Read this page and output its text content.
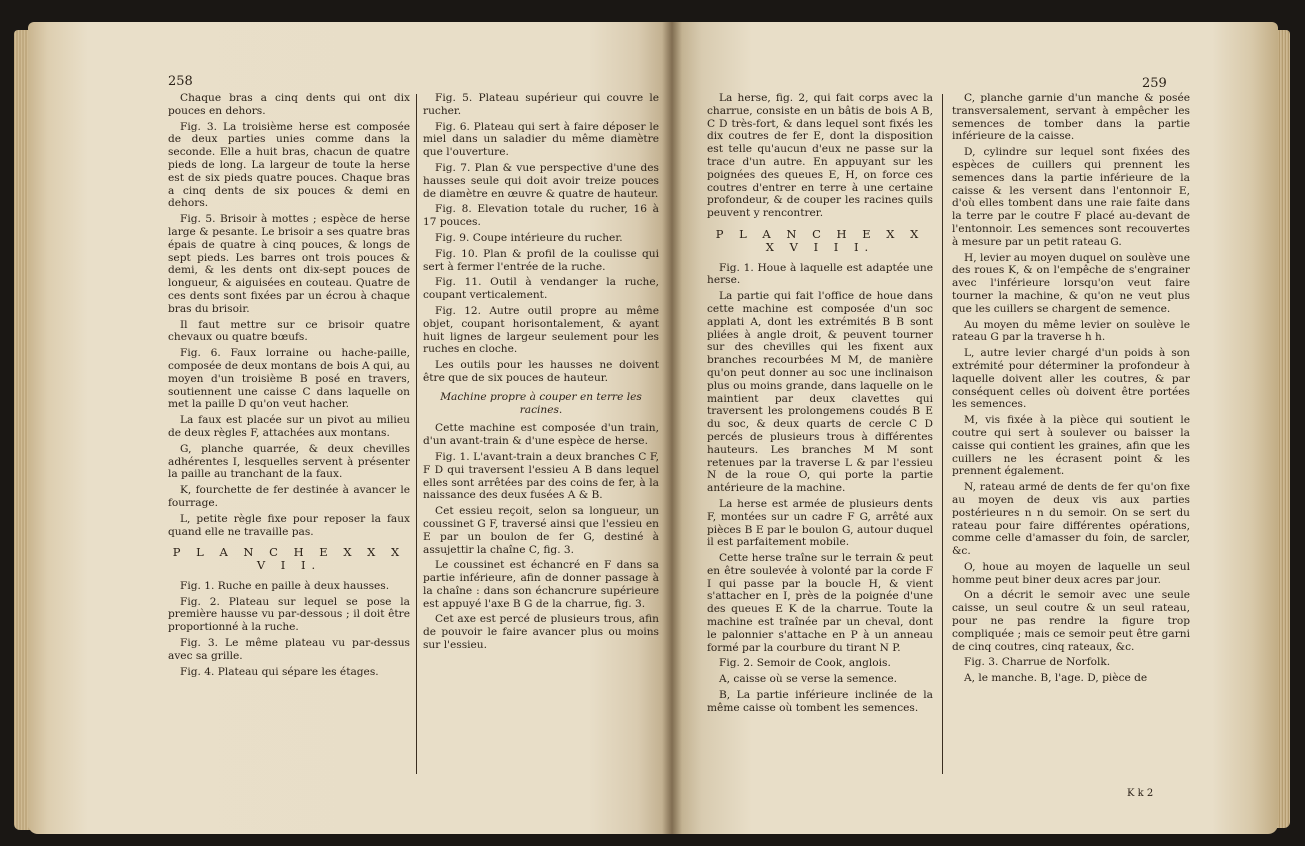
258

Chaque bras a cinq dents qui ont dix pouces en dehors.

Fig. 3. La troisième herse est composée de deux parties unies comme dans la seconde. Elle a huit bras, chacun de quatre pieds de long. La largeur de toute la herse est de six pieds quatre pouces. Chaque bras a cinq dents de six pouces & demi en dehors.

Fig. 5. Brisoir à mottes ; espèce de herse large & pesante. Le brisoir a ses quatre bras épais de quatre à cinq pouces, & longs de sept pieds. Les barres ont trois pouces & demi, & les dents ont dix-sept pouces de longueur, & aiguisées en couteau. Quatre de ces dents sont fixées par un écrou à chaque bras du brisoir.

Il faut mettre sur ce brisoir quatre chevaux ou quatre bœufs.

Fig. 6. Faux lorraine ou hache-paille, composée de deux montans de bois A qui, au moyen d'un troisième B posé en travers, soutiennent une caisse C dans laquelle on met la paille D qu'on veut hacher.

La faux est placée sur un pivot au milieu de deux règles F, attachées aux montans.

G, planche quarrée, & deux chevilles adhérentes I, lesquelles servent à présenter la paille au tranchant de la faux.

K, fourchette de fer destinée à avancer le fourrage.

L, petite règle fixe pour reposer la faux quand elle ne travaille pas.

P L A N C H E X X X V I I.

Fig. 1. Ruche en paille à deux hausses.

Fig. 2. Plateau sur lequel se pose la première hausse vu par-dessous ; il doit être proportionné à la ruche.

Fig. 3. Le même plateau vu par-dessus avec sa grille.

Fig. 4. Plateau qui sépare les étages.

Fig. 5. Plateau supérieur qui couvre le rucher.

Fig. 6. Plateau qui sert à faire déposer le miel dans un saladier du même diamètre que l'ouverture.

Fig. 7. Plan & vue perspective d'une des hausses seule qui doit avoir treize pouces de diamètre en œuvre & quatre de hauteur.

Fig. 8. Elevation totale du rucher, 16 à 17 pouces.

Fig. 9. Coupe intérieure du rucher.

Fig. 10. Plan & profil de la coulisse qui sert à fermer l'entrée de la ruche.

Fig. 11. Outil à vendanger la ruche, coupant verticalement.

Fig. 12. Autre outil propre au même objet, coupant horisontalement, & ayant huit lignes de largeur seulement pour les ruches en cloche.

Les outils pour les hausses ne doivent être que de six pouces de hauteur.

Machine propre à couper en terre les racines.

Cette machine est composée d'un train, d'un avant-train & d'une espèce de herse.

Fig. 1. L'avant-train a deux branches C F, F D qui traversent l'essieu A B dans lequel elles sont arrêtées par des coins de fer, à la naissance des deux fusées A & B.

Cet essieu reçoit, selon sa longueur, un coussinet G F, traversé ainsi que l'essieu en E par un boulon de fer G, destiné à assujettir la chaîne C, fig. 3.

Le coussinet est échancré en F dans sa partie inférieure, afin de donner passage à la chaîne : dans son échancrure supérieure est appuyé l'axe B G de la charrue, fig. 3.

Cet axe est percé de plusieurs trous, afin de pouvoir le faire avancer plus ou moins sur l'essieu.

259

La herse, fig. 2, qui fait corps avec la charrue, consiste en un bâtis de bois A B, C D très-fort, & dans lequel sont fixés les dix coutres de fer E, dont la disposition est telle qu'aucun d'eux ne passe sur la trace d'un autre. En appuyant sur les poignées des queues E, H, on force ces coutres d'entrer en terre à une certaine profondeur, & de couper les racines quils peuvent y rencontrer.

P L A N C H E X X X V I I I.

Fig. 1. Houe à laquelle est adaptée une herse.

La partie qui fait l'office de houe dans cette machine est composée d'un soc applati A, dont les extrémités B B sont pliées à angle droit, & peuvent tourner sur des chevilles qui les fixent aux branches recourbées M M, de manière qu'on peut donner au soc une inclinaison plus ou moins grande, dans laquelle on le maintient par deux clavettes qui traversent les prolongemens coudés B E du soc, & deux quarts de cercle C D percés de plusieurs trous à différentes hauteurs. Les branches M M sont retenues par la traverse L & par l'essieu N de la roue O, qui porte la partie antérieure de la machine.

La herse est armée de plusieurs dents F, montées sur un cadre F G, arrêté aux pièces B E par le boulon G, autour duquel il est parfaitement mobile.

Cette herse traîne sur le terrain & peut en être soulevée à volonté par la corde F I qui passe par la boucle H, & vient s'attacher en I, près de la poignée d'une des queues E K de la charrue. Toute la machine est traînée par un cheval, dont le palonnier s'attache en P à un anneau formé par la courbure du tirant N P.

Fig. 2. Semoir de Cook, anglois.

A, caisse où se verse la semence.

B, La partie inférieure inclinée de la même caisse où tombent les semences.

C, planche garnie d'un manche & posée transversalement, servant à empêcher les semences de tomber dans la partie inférieure de la caisse.

D, cylindre sur lequel sont fixées des espèces de cuillers qui prennent les semences dans la partie inférieure de la caisse & les versent dans l'entonnoir E, d'où elles tombent dans une raie faite dans la terre par le coutre F placé au-devant de l'entonnoir. Les semences sont recouvertes à mesure par un petit rateau G.

H, levier au moyen duquel on soulève une des roues K, & on l'empêche de s'engrainer avec l'inférieure lorsqu'on veut faire tourner la machine, & qu'on ne veut plus que les cuillers se chargent de semence.

Au moyen du même levier on soulève le rateau G par la traverse h h.

L, autre levier chargé d'un poids à son extrémité pour déterminer la profondeur à laquelle doivent aller les coutres, & par conséquent celles où doivent être portées les semences.

M, vis fixée à la pièce qui soutient le coutre qui sert à soulever ou baisser la caisse qui contient les graines, afin que les cuillers ne les écrasent point & les prennent également.

N, rateau armé de dents de fer qu'on fixe au moyen de deux vis aux parties postérieures n n du semoir. On se sert du rateau pour faire différentes opérations, comme celle d'amasser du foin, de sarcler, &c.

O, houe au moyen de laquelle un seul homme peut biner deux acres par jour.

On a décrit le semoir avec une seule caisse, un seul coutre & un seul rateau, pour ne pas rendre la figure trop compliquée ; mais ce semoir peut être garni de cinq coutres, cinq rateaux, &c.

Fig. 3. Charrue de Norfolk.

A, le manche. B, l'age. D, pièce de

K k 2
